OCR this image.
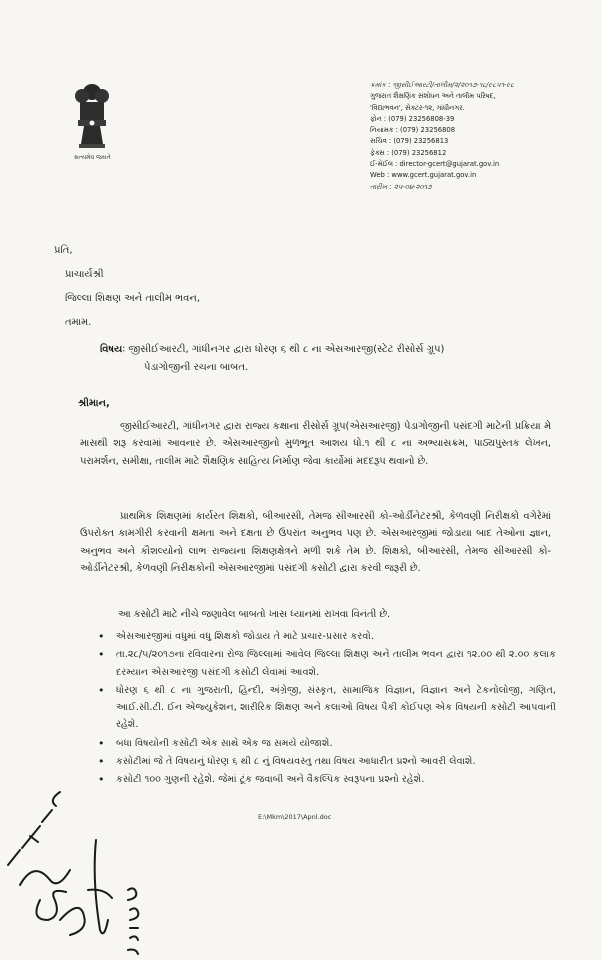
સત્યમેવ જયતે
ક્રમાંક : જીસીઈઆરટી/તાલીમ/૨/૨૦૧૭-૧૮/૯૮૫૧-૯૮
ગુજરાત શૈક્ષણિક સંશોધન અને તાલીમ પરિષદ,
'વિદ્યાભવન', સેક્ટર-૧૨, ગાંધીનગર.
ફોન : (079) 23256808-39
નિયામક : (079) 23256808
સચિવ : (079) 23256813
ફેક્સ : (079) 23256812
ઈ-મેઈલ : director-gcert@gujarat.gov.in
Web : www.gcert.gujarat.gov.in
તારીખ : ૨૫-૦૪-૨૦૧૭
પ્રતિ,
પ્રાચાર્યશ્રી
જિલ્લા શિક્ષણ અને તાલીમ ભવન,
તમામ.
વિષયઃ જીસીઈઆરટી, ગાંધીનગર દ્વારા ધોરણ ૬ થી ૮ ના એસઆરજી(સ્ટેટ રીસોર્સ ગ્રૂપ)
પેડાગોજીની રચના બાબત.
શ્રીમાન,

જીસીઈઆરટી, ગાંધીનગર દ્વારા રાજ્ય કક્ષાના રીસોર્સ ગ્રૂપ(એસઆરજી) પેડાગોજીની પસંદગી માટેની પ્રક્રિયા મે માસથી શરૂ કરવામાં આવનાર છે. એસઆરજીનો મુળભૂત આશય ધો.૧ થી ૮ ના અભ્યાસક્રમ, પાઠ્યપુસ્તક લેખન, પરામર્શન, સમીક્ષા, તાલીમ માટે શૈક્ષણિક સાહિત્ય નિર્માણ જેવા કાર્યોમાં મદદરૂપ થવાનો છે.

પ્રાથમિક શિક્ષણમાં કાર્યરત શિક્ષકો, બીઆરસી, તેમજ સીઆરસી કો-ઓર્ડીનેટરશ્રી, કેળવણી નિરીક્ષકો વગેરેમાં ઉપરોક્ત કામગીરી કરવાની ક્ષમતા અને દક્ષતા છે ઉપરાંત અનુભવ પણ છે. એસઆરજીમાં જોડાયા બાદ તેઓના જ્ઞાન, અનુભવ અને કૌશલ્યોનો લાભ રાજ્યના શિક્ષણક્ષેત્રને મળી શકે તેમ છે. શિક્ષકો, બીઆરસી, તેમજ સીઆરસી કો-ઓર્ડીનેટરશ્રી, કેળવણી નિરીક્ષકોની એસઆરજીમાં પસંદગી કસોટી દ્વારા કરવી જરૂરી છે.

આ કસોટી માટે નીચે જણાવેલ બાબતો ખાસ ધ્યાનમાં રાખવા વિનંતી છે.
• એસઆરજીમાં વધુમાં વધુ શિક્ષકો જોડાય તે માટે પ્રચાર-પ્રસાર કરવો.
• તા.૨૮/૫/૨૦૧૭ના રવિવારના રોજ જિલ્લામાં આવેલ જિલ્લા શિક્ષણ અને તાલીમ ભવન દ્વારા ૧૨.૦૦ થી ૨.૦૦ કલાક દરમ્યાન એસઆરજી પસંદગી કસોટી લેવામાં આવશે.
• ધોરણ ૬ થી ૮ ના ગુજરાતી, હિન્દી, અંગ્રેજી, સંસ્કૃત, સામાજિક વિજ્ઞાન, વિજ્ઞાન અને ટેકનોલોજી, ગણિત, આઈ.સી.ટી. ઈન એજ્યુકેશન, શારીરિક શિક્ષણ અને કલાઓ વિષય પૈકી કોઈપણ એક વિષયની કસોટી આપવાની રહેશે.
• બધા વિષયોની કસોટી એક સાથે એક જ સમયે યોજાશે.
• કસોટીમાં જે તે વિષયનું ધોરણ ૬ થી ૮ નું વિષયવસ્તુ તથા વિષય આધારીત પ્રશ્નો આવરી લેવાશે.
• કસોટી ૧૦૦ ગુણની રહેશે. જેમાં ટૂંક જવાબી અને વૈકલ્પિક સ્વરૂપના પ્રશ્નો રહેશે.
E:\Mkm\2017\Apnl.doc
